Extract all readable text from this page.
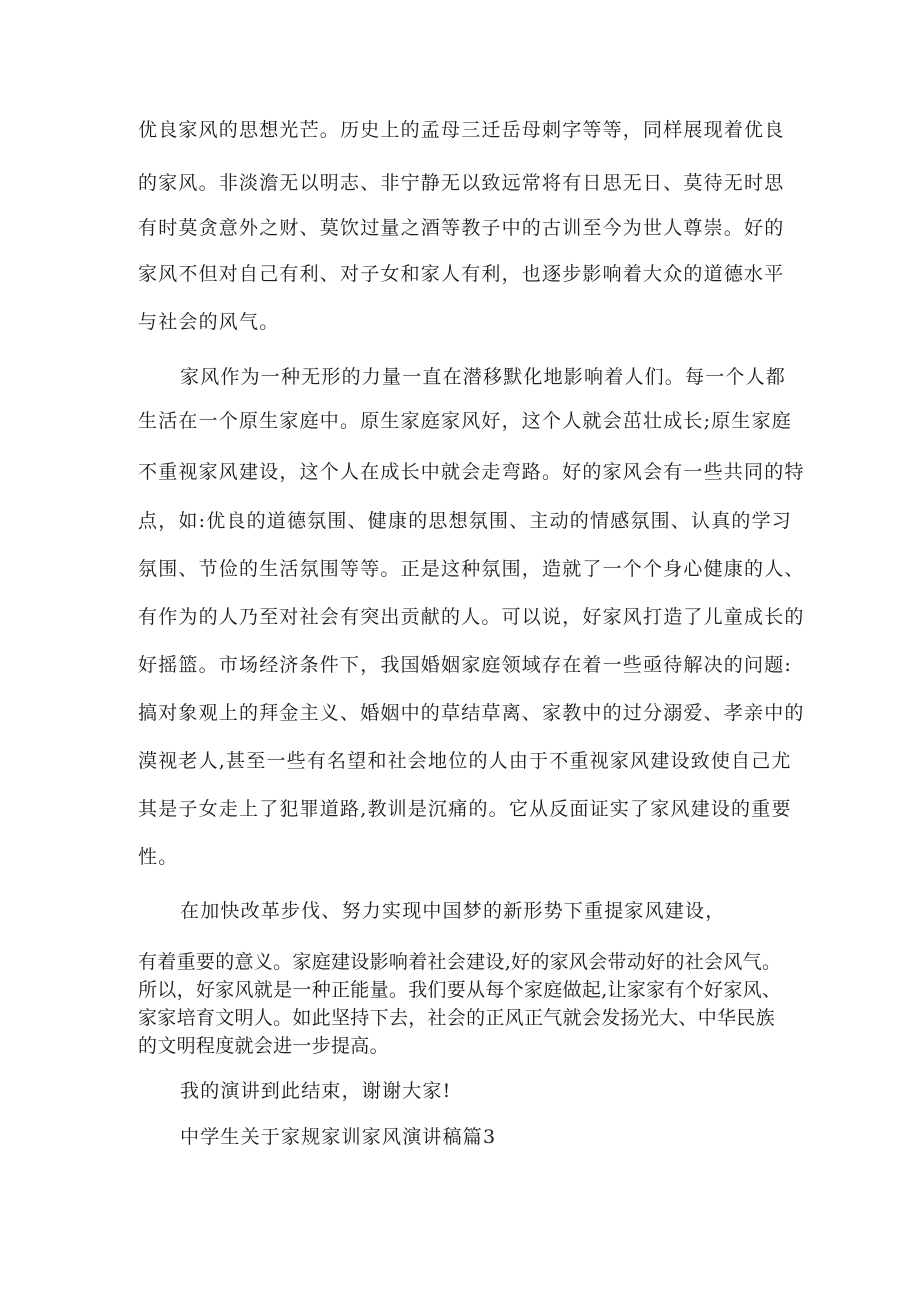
优良家风的思想光芒。历史上的孟母三迁岳母刺字等等，同样展现着优良
的家风。非淡澹无以明志、非宁静无以致远常将有日思无日、莫待无时思
有时莫贪意外之财、莫饮过量之酒等教子中的古训至今为世人尊崇。好的
家风不但对自己有利、对子女和家人有利，也逐步影响着大众的道德水平
与社会的风气。
家风作为一种无形的力量一直在潜移默化地影响着人们。每一个人都
生活在一个原生家庭中。原生家庭家风好，这个人就会茁壮成长;原生家庭
不重视家风建设，这个人在成长中就会走弯路。好的家风会有一些共同的特
点，如:优良的道德氛围、健康的思想氛围、主动的情感氛围、认真的学习
氛围、节俭的生活氛围等等。正是这种氛围，造就了一个个身心健康的人、
有作为的人乃至对社会有突出贡献的人。可以说，好家风打造了儿童成长的
好摇篮。市场经济条件下，我国婚姻家庭领域存在着一些亟待解决的问题:
搞对象观上的拜金主义、婚姻中的草结草离、家教中的过分溺爱、孝亲中的
漠视老人,甚至一些有名望和社会地位的人由于不重视家风建设致使自己尤
其是子女走上了犯罪道路,教训是沉痛的。它从反面证实了家风建设的重要
性。
在加快改革步伐、努力实现中国梦的新形势下重提家风建设，
有着重要的意义。家庭建设影响着社会建设,好的家风会带动好的社会风气。
所以，好家风就是一种正能量。我们要从每个家庭做起,让家家有个好家风、
家家培育文明人。如此坚持下去，社会的正风正气就会发扬光大、中华民族
的文明程度就会进一步提高。
我的演讲到此结束，谢谢大家!
中学生关于家规家训家风演讲稿篇3
